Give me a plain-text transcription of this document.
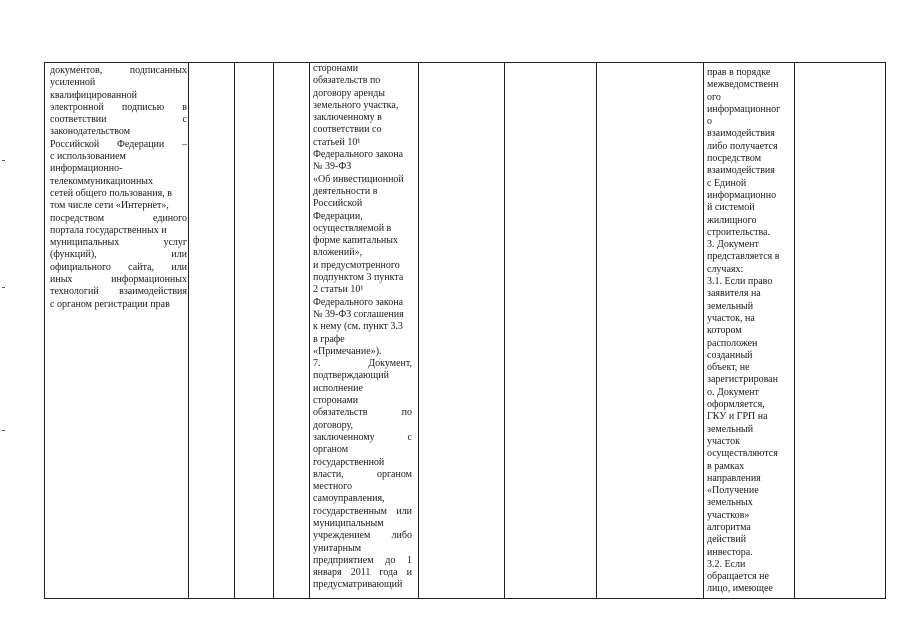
документов, подписанных
усиленной
квалифицированной
электронной подписью в
соответствии с
законодательством
Российской Федерации –
с использованием
информационно-
телекоммуникационных
сетей общего пользования, в
том числе сети «Интернет»,
посредством единого
портала государственных и
муниципальных услуг
(функций), или
официального сайта, или
иных информационных
технологий взаимодействия
с органом регистрации прав
сторонами
обязательств по
договору аренды
земельного участка,
заключенному в
соответствии со
статьей 10¹
Федерального закона
№ 39-ФЗ
«Об инвестиционной
деятельности в
Российской
Федерации,
осуществляемой в
форме капитальных
вложений»,
и предусмотренного
подпунктом 3 пункта
2 статьи 10¹
Федерального закона
№ 39-ФЗ соглашения
к нему (см. пункт 3.3
в графе
«Примечание»).
7. Документ,
подтверждающий
исполнение
сторонами
обязательств по
договору,
заключенному с
органом
государственной
власти, органом
местного
самоуправления,
государственным или
муниципальным
учреждением либо
унитарным
предприятием до 1
января 2011 года и
предусматривающий
прав в порядке
межведомственн
ого
информационног
о
взаимодействия
либо получается
посредством
взаимодействия
с Единой
информационно
й системой
жилищного
строительства.
3. Документ
представляется в
случаях:
3.1. Если право
заявителя на
земельный
участок, на
котором
расположен
созданный
объект, не
зарегистрирован
о. Документ
оформляется,
ГКУ и ГРП на
земельный
участок
осуществляются
в рамках
направления
«Получение
земельных
участков»
алгоритма
действий
инвестора.
3.2. Если
обращается не
лицо, имеющее
